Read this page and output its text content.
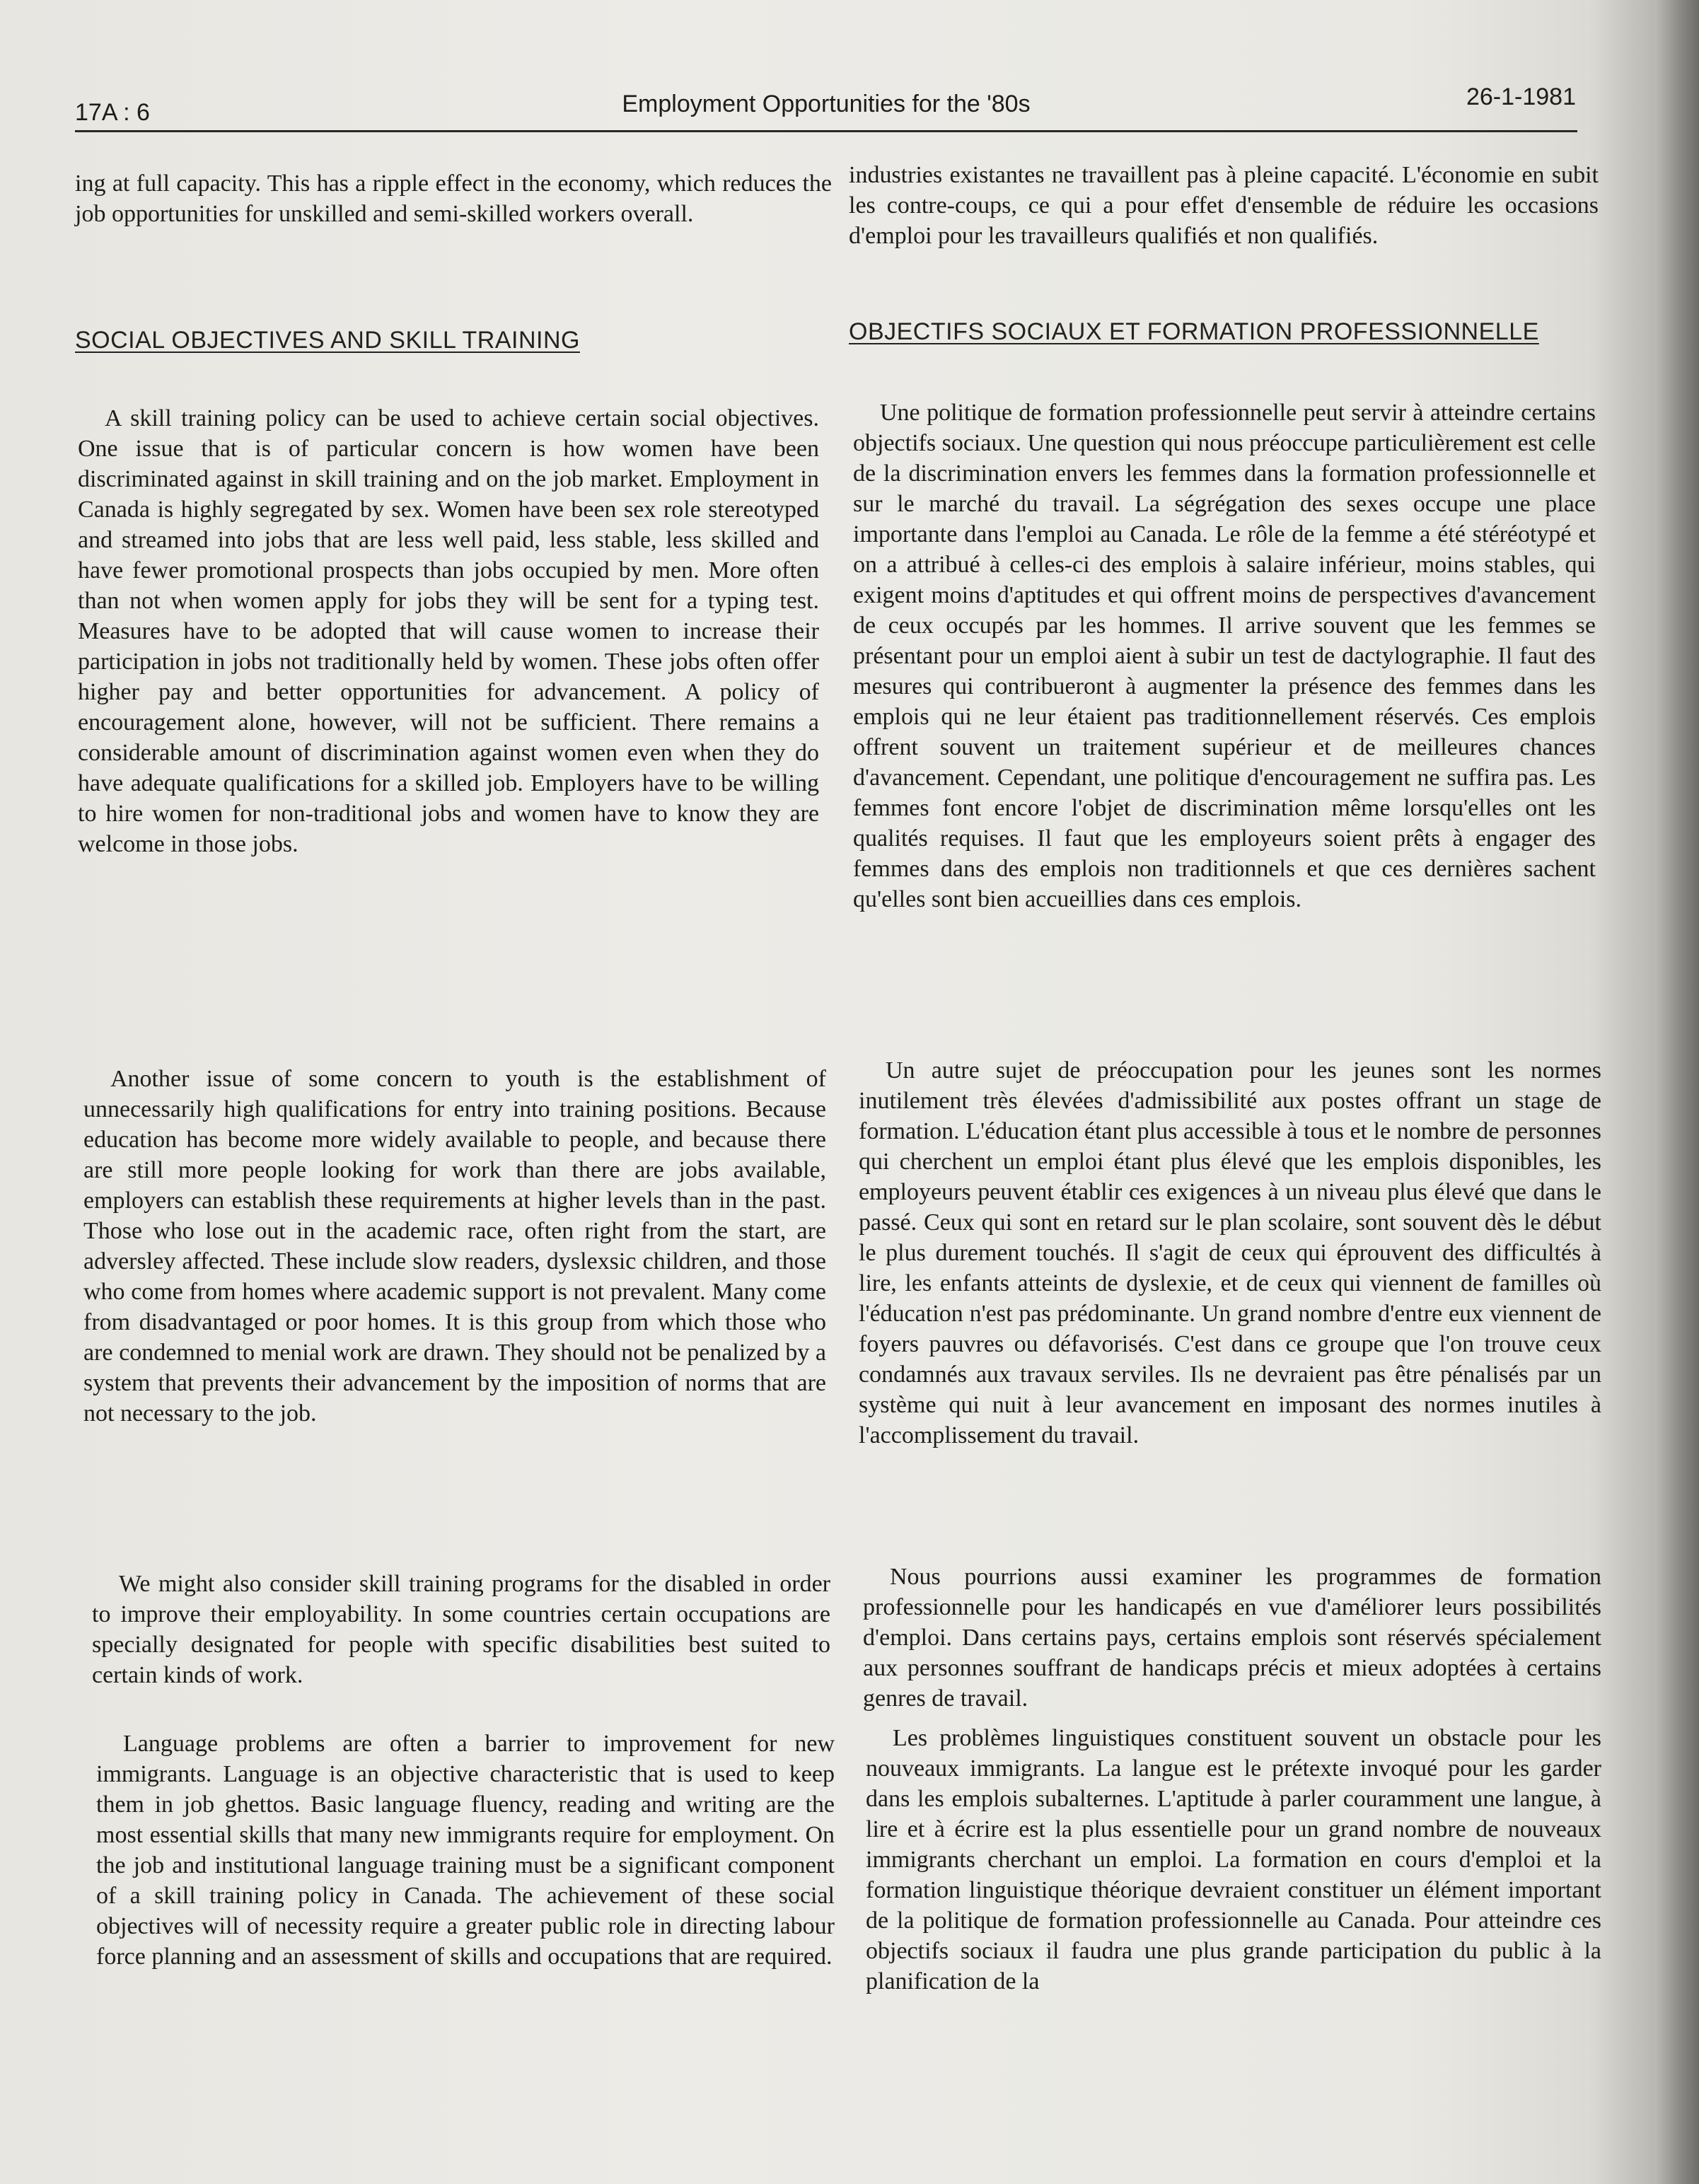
17A : 6	Employment Opportunities for the '80s	26-1-1981

ing at full capacity. This has a ripple effect in the economy, which reduces the job opportunities for unskilled and semi-skilled workers overall.

SOCIAL OBJECTIVES AND SKILL TRAINING

A skill training policy can be used to achieve certain social objectives. One issue that is of particular concern is how women have been discriminated against in skill training and on the job market. Employment in Canada is highly segregated by sex. Women have been sex role stereotyped and streamed into jobs that are less well paid, less stable, less skilled and have fewer promotional prospects than jobs occupied by men. More often than not when women apply for jobs they will be sent for a typing test. Measures have to be adopted that will cause women to increase their participation in jobs not traditionally held by women. These jobs often offer higher pay and better opportunities for advancement. A policy of encouragement alone, however, will not be sufficient. There remains a considerable amount of discrimination against women even when they do have adequate qualifications for a skilled job. Employers have to be willing to hire women for non-traditional jobs and women have to know they are welcome in those jobs.

Another issue of some concern to youth is the establishment of unnecessarily high qualifications for entry into training positions. Because education has become more widely available to people, and because there are still more people looking for work than there are jobs available, employers can establish these requirements at higher levels than in the past. Those who lose out in the academic race, often right from the start, are adversley affected. These include slow readers, dyslexsic children, and those who come from homes where academic support is not prevalent. Many come from disadvantaged or poor homes. It is this group from which those who are condemned to menial work are drawn. They should not be penalized by a system that prevents their advancement by the imposition of norms that are not necessary to the job.

We might also consider skill training programs for the disabled in order to improve their employability. In some countries certain occupations are specially designated for people with specific disabilities best suited to certain kinds of work.

Language problems are often a barrier to improvement for new immigrants. Language is an objective characteristic that is used to keep them in job ghettos. Basic language fluency, reading and writing are the most essential skills that many new immigrants require for employment. On the job and institutional language training must be a significant component of a skill training policy in Canada. The achievement of these social objectives will of necessity require a greater public role in directing labour force planning and an assessment of skills and occupations that are required.

industries existantes ne travaillent pas à pleine capacité. L'économie en subit les contre-coups, ce qui a pour effet d'ensemble de réduire les occasions d'emploi pour les travailleurs qualifiés et non qualifiés.

OBJECTIFS SOCIAUX ET FORMATION PROFESSIONNELLE

Une politique de formation professionnelle peut servir à atteindre certains objectifs sociaux. Une question qui nous préoccupe particulièrement est celle de la discrimination envers les femmes dans la formation professionnelle et sur le marché du travail. La ségrégation des sexes occupe une place importante dans l'emploi au Canada. Le rôle de la femme a été stéréotypé et on a attribué à celles-ci des emplois à salaire inférieur, moins stables, qui exigent moins d'aptitudes et qui offrent moins de perspectives d'avancement de ceux occupés par les hommes. Il arrive souvent que les femmes se présentant pour un emploi aient à subir un test de dactylographie. Il faut des mesures qui contribueront à augmenter la présence des femmes dans les emplois qui ne leur étaient pas traditionnellement réservés. Ces emplois offrent souvent un traitement supérieur et de meilleures chances d'avancement. Cependant, une politique d'encouragement ne suffira pas. Les femmes font encore l'objet de discrimination même lorsqu'elles ont les qualités requises. Il faut que les employeurs soient prêts à engager des femmes dans des emplois non traditionnels et que ces dernières sachent qu'elles sont bien accueillies dans ces emplois.

Un autre sujet de préoccupation pour les jeunes sont les normes inutilement très élevées d'admissibilité aux postes offrant un stage de formation. L'éducation étant plus accessible à tous et le nombre de personnes qui cherchent un emploi étant plus élevé que les emplois disponibles, les employeurs peuvent établir ces exigences à un niveau plus élevé que dans le passé. Ceux qui sont en retard sur le plan scolaire, sont souvent dès le début le plus durement touchés. Il s'agit de ceux qui éprouvent des difficultés à lire, les enfants atteints de dyslexie, et de ceux qui viennent de familles où l'éducation n'est pas prédominante. Un grand nombre d'entre eux viennent de foyers pauvres ou défavorisés. C'est dans ce groupe que l'on trouve ceux condamnés aux travaux serviles. Ils ne devraient pas être pénalisés par un système qui nuit à leur avancement en imposant des normes inutiles à l'accomplissement du travail.

Nous pourrions aussi examiner les programmes de formation professionnelle pour les handicapés en vue d'améliorer leurs possibilités d'emploi. Dans certains pays, certains emplois sont réservés spécialement aux personnes souffrant de handicaps précis et mieux adoptées à certains genres de travail.

Les problèmes linguistiques constituent souvent un obstacle pour les nouveaux immigrants. La langue est le prétexte invoqué pour les garder dans les emplois subalternes. L'aptitude à parler couramment une langue, à lire et à écrire est la plus essentielle pour un grand nombre de nouveaux immigrants cherchant un emploi. La formation en cours d'emploi et la formation linguistique théorique devraient constituer un élément important de la politique de formation professionnelle au Canada. Pour atteindre ces objectifs sociaux il faudra une plus grande participation du public à la planification de la
